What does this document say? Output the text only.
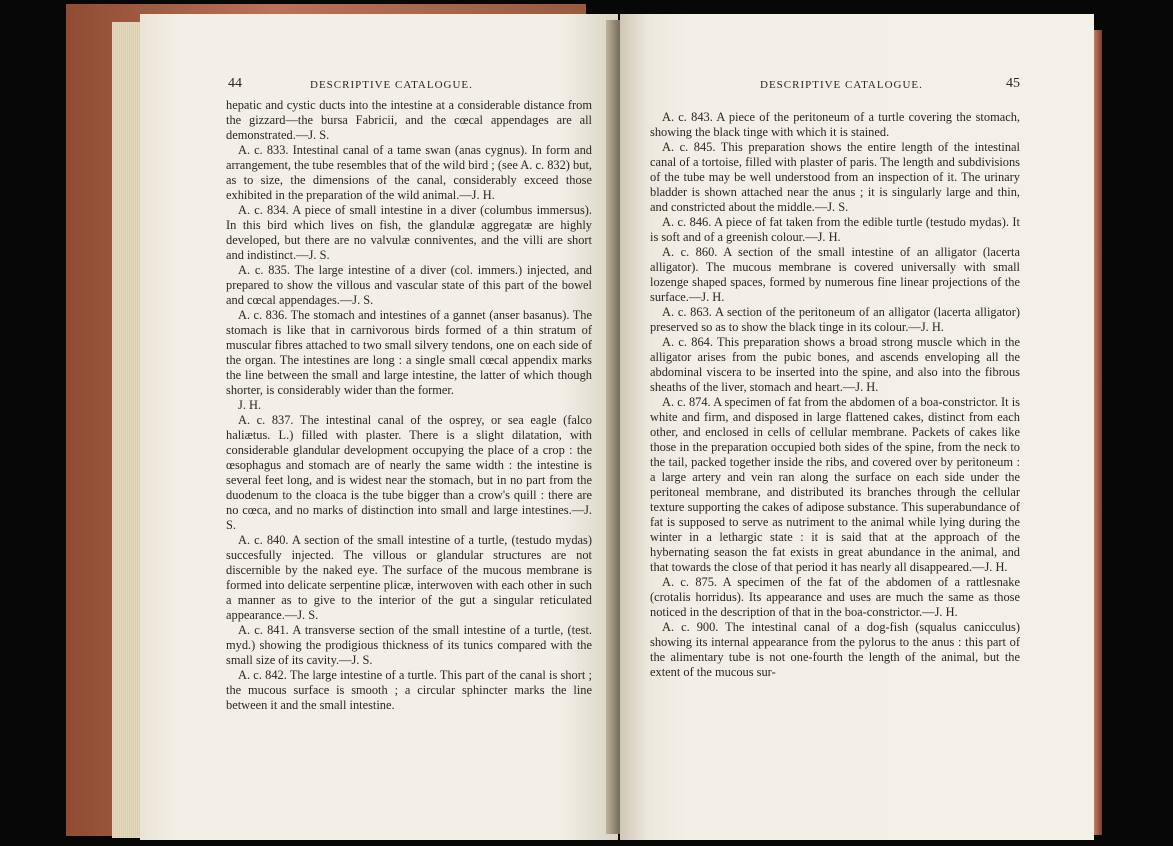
44	DESCRIPTIVE CATALOGUE.

hepatic and cystic ducts into the intestine at a considerable distance from the gizzard—the bursa Fabricii, and the cœcal appendages are all demonstrated.—J. S.

A. c. 833. Intestinal canal of a tame swan (anas cygnus). In form and arrangement, the tube resembles that of the wild bird ; (see A. c. 832) but, as to size, the dimensions of the canal, considerably exceed those exhibited in the preparation of the wild animal.—J. H.

A. c. 834. A piece of small intestine in a diver (columbus immersus). In this bird which lives on fish, the glandulæ aggregatæ are highly developed, but there are no valvulæ conniventes, and the villi are short and indistinct.—J. S.

A. c. 835. The large intestine of a diver (col. immers.) injected, and prepared to show the villous and vascular state of this part of the bowel and cœcal appendages.—J. S.

A. c. 836. The stomach and intestines of a gannet (anser basanus). The stomach is like that in carnivorous birds formed of a thin stratum of muscular fibres attached to two small silvery tendons, one on each side of the organ. The intestines are long : a single small cœcal appendix marks the line between the small and large intestine, the latter of which though shorter, is considerably wider than the former.

J. H.

A. c. 837. The intestinal canal of the osprey, or sea eagle (falco haliætus. L.) filled with plaster. There is a slight dilatation, with considerable glandular development occupying the place of a crop : the œsophagus and stomach are of nearly the same width : the intestine is several feet long, and is widest near the stomach, but in no part from the duodenum to the cloaca is the tube bigger than a crow's quill : there are no cœca, and no marks of distinction into small and large intestines.—J. S.

A. c. 840. A section of the small intestine of a turtle, (testudo mydas) succesfully injected. The villous or glandular structures are not discernible by the naked eye. The surface of the mucous membrane is formed into delicate serpentine plicæ, interwoven with each other in such a manner as to give to the interior of the gut a singular reticulated appearance.—J. S.

A. c. 841. A transverse section of the small intestine of a turtle, (test. myd.) showing the prodigious thickness of its tunics compared with the small size of its cavity.—J. S.

A. c. 842. The large intestine of a turtle. This part of the canal is short ; the mucous surface is smooth ; a circular sphincter marks the line between it and the small intestine.

DESCRIPTIVE CATALOGUE.	45

A. c. 843. A piece of the peritoneum of a turtle covering the stomach, showing the black tinge with which it is stained.

A. c. 845. This preparation shows the entire length of the intestinal canal of a tortoise, filled with plaster of paris. The length and subdivisions of the tube may be well understood from an inspection of it. The urinary bladder is shown attached near the anus ; it is singularly large and thin, and constricted about the middle.—J. S.

A. c. 846. A piece of fat taken from the edible turtle (testudo mydas). It is soft and of a greenish colour.—J. H.

A. c. 860. A section of the small intestine of an alligator (lacerta alligator). The mucous membrane is covered universally with small lozenge shaped spaces, formed by numerous fine linear projections of the surface.—J. H.

A. c. 863. A section of the peritoneum of an alligator (lacerta alligator) preserved so as to show the black tinge in its colour.—J. H.

A. c. 864. This preparation shows a broad strong muscle which in the alligator arises from the pubic bones, and ascends enveloping all the abdominal viscera to be inserted into the spine, and also into the fibrous sheaths of the liver, stomach and heart.—J. H.

A. c. 874. A specimen of fat from the abdomen of a boa-constrictor. It is white and firm, and disposed in large flattened cakes, distinct from each other, and enclosed in cells of cellular membrane. Packets of cakes like those in the preparation occupied both sides of the spine, from the neck to the tail, packed together inside the ribs, and covered over by peritoneum : a large artery and vein ran along the surface on each side under the peritoneal membrane, and distributed its branches through the cellular texture supporting the cakes of adipose substance. This superabundance of fat is supposed to serve as nutriment to the animal while lying during the winter in a lethargic state : it is said that at the approach of the hybernating season the fat exists in great abundance in the animal, and that towards the close of that period it has nearly all disappeared.—J. H.

A. c. 875. A specimen of the fat of the abdomen of a rattlesnake (crotalis horridus). Its appearance and uses are much the same as those noticed in the description of that in the boa-constrictor.—J. H.

A. c. 900. The intestinal canal of a dog-fish (squalus canicculus) showing its internal appearance from the pylorus to the anus : this part of the alimentary tube is not one-fourth the length of the animal, but the extent of the mucous sur-
